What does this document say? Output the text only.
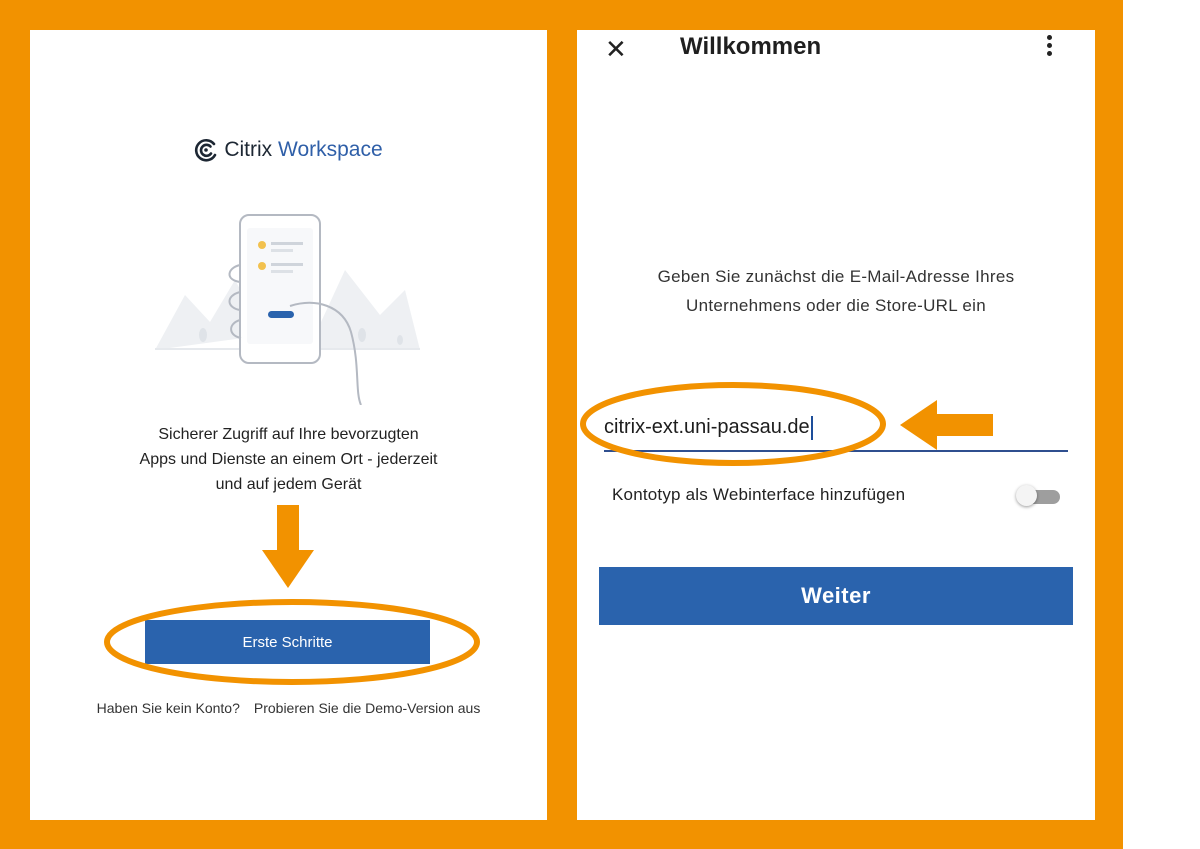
Citrix Workspace
Sicherer Zugriff auf Ihre bevorzugten
Apps und Dienste an einem Ort - jederzeit
und auf jedem Gerät
Erste Schritte
Haben Sie kein Konto? Probieren Sie die Demo-Version aus
✕ Willkommen
Geben Sie zunächst die E-Mail-Adresse Ihres
Unternehmens oder die Store-URL ein
citrix-ext.uni-passau.de
Kontotyp als Webinterface hinzufügen
Weiter
